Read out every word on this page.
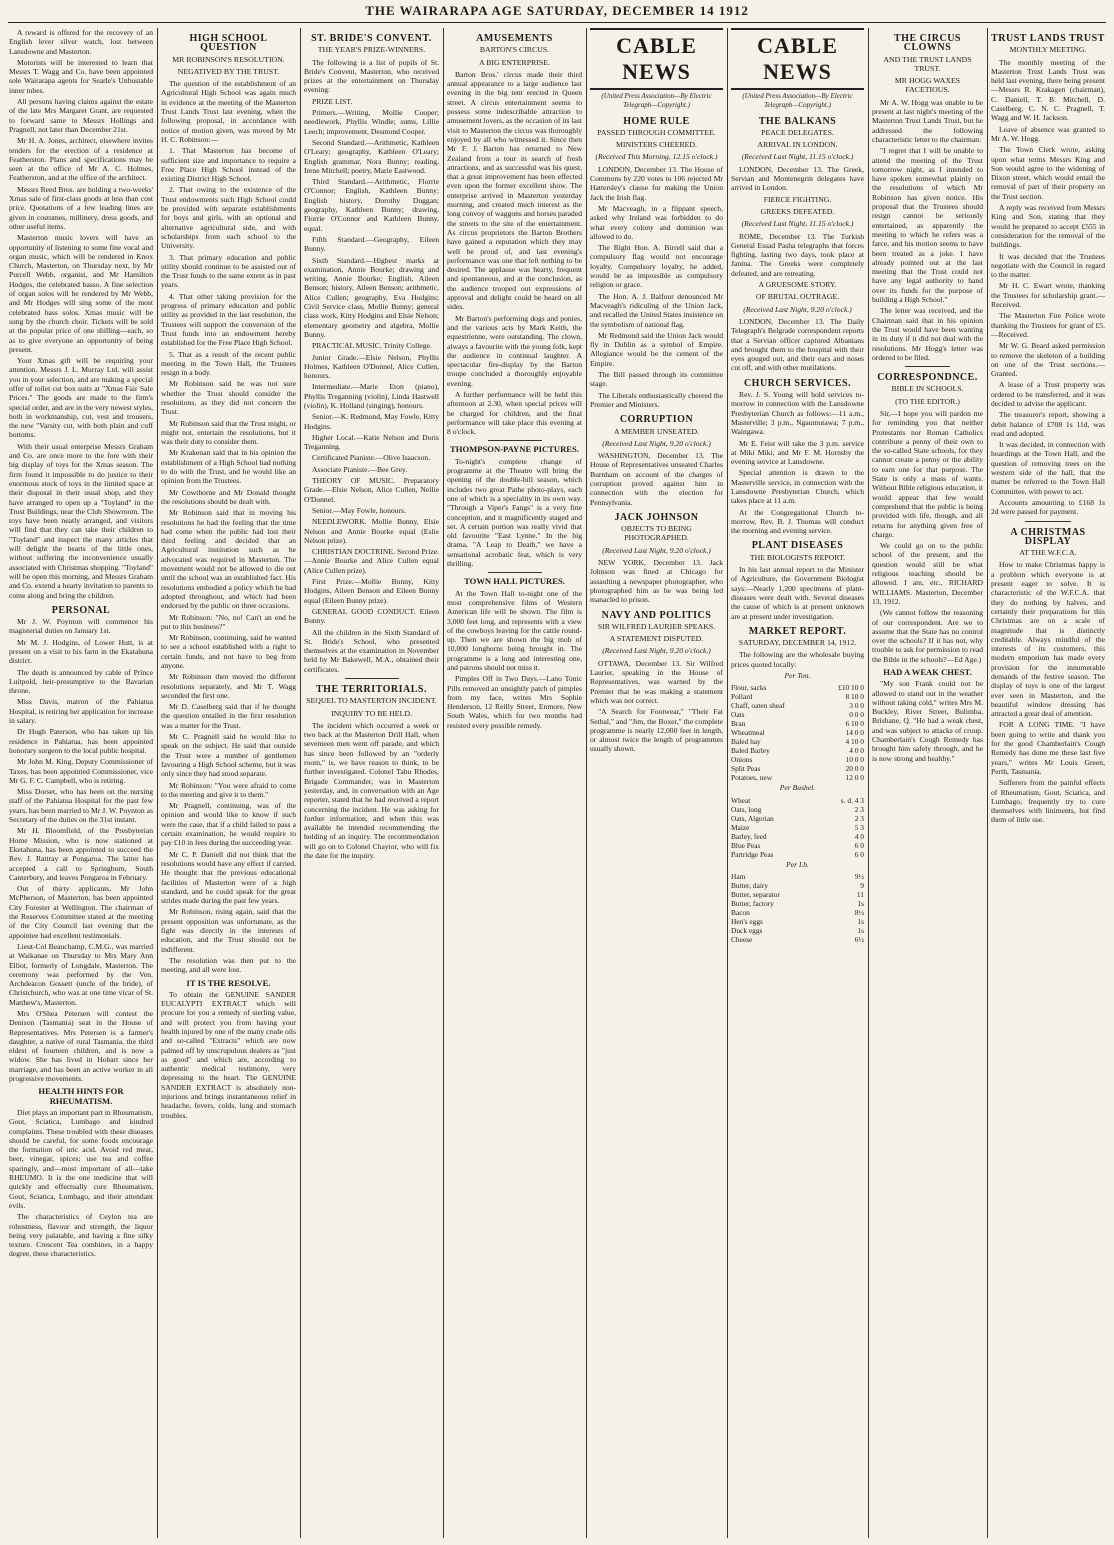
THE WAIRARAPA AGE SATURDAY, DECEMBER 14 1912

A reward is offered for the recovery of an English lever silver watch, lost between Lansdowne and Masterton.

Motorists will be interested to learn that Messrs T. Wagg and Co. have been appointed sole Wairarapa agents for Searle's Unbustable inner tubes.

All persons having claims against the estate of the late Mrs Margaret Grant, are requested to forward same to Messrs Hollings and Pragnell, not later than December 21st.

Mr H. A. Jones, architect, elsewhere invites tenders for the erection of a residence at Featherston. Plans and specifications may be seen at the office of Mr A. C. Holmes, Featherston, and at the office of the architect.

Messrs Reed Bros. are holding a two-weeks' Xmas sale of first-class goods at less than cost price. Quotations of a few leading lines are given in costumes, millinery, dress goods, and other useful items.

Masterton music lovers will have an opportunity of listening to some fine vocal and organ music, which will be rendered in Knox Church, Masterton, on Thursday next, by Mr Purcell Webb, organist, and Mr Hamilton Hodges, the celebrated basso. A fine selection of organ solos will be rendered by Mr Webb, and Mr Hodges will sing some of the most celebrated bass solos. Xmas music will be sung by the church choir. Tickets will be sold at the popular price of one shilling—each, so as to give everyone an opportunity of being present.

Your Xmas gift will be requiring your attention. Messrs J. L. Murray Ltd. will assist you in your selection, and are making a special offer of toilet cut box suits at "Xmas Fair Sale Prices." The goods are made to the firm's special order, and are in the very newest styles, both in workmanship, cut, vest and trousers, the new "Varsity cut, with both plain and cuff bottoms.

With their usual enterprise Messrs Graham and Co. are once more to the fore with their big display of toys for the Xmas season. The firm found it impossible to do justice to their enormous stock of toys in the limited space at their disposal in their usual shop, and they have arranged to open up a "Toyland" in the Trust Buildings, near the Club Showroom. The toys have been neatly arranged, and visitors will find that they can take their children to "Toyland" and inspect the many articles that will delight the hearts of the little ones, without suffering the inconvenience usually associated with Christmas shopping. "Toyland" will be open this morning, and Messrs Graham and Co. extend a hearty invitation to parents to come along and bring the children.

PERSONAL

Mr J. W. Poynton will commence his magisterial duties on January 1st.

Mr M. J. Hodgins, of Lower Hutt, is at present on a visit to his farm in the Ekatahuna district.

The death is announced by cable of Prince Luitpold, heir-presumptive to the Bavarian throne.

Miss Davis, matron of the Pahiatua Hospital, is retiring her application for increase in salary.

Dr Hugh Paterson, who has taken up his residence in Pahiatua, has been appointed honorary surgeon to the local public hospital.

Mr John M. King, Deputy Commissioner of Taxes, has been appointed Commissioner, vice Mr G. F. C. Campbell, who is retiring.

Miss Dorset, who has been on the nursing staff of the Pahiatua Hospital for the past few years, has been married to Mr J. W. Poynton as Secretary of the duties on the 31st instant.

Mr H. Bloomfield, of the Presbyterian Home Mission, who is now stationed at Eketahuna, has been appointed to succeed the Rev. J. Rattray at Pongaroa. The latter has accepted a call to Springburn, South Canterbury, and leaves Pongaroa in February.

Out of thirty applicants, Mr John McPherson, of Masterton, has been appointed City Forester at Wellington. The chairman of the Reserves Committee stated at the meeting of the City Council last evening that the appointee had excellent testimonials.

Lieut-Col Beauchamp, C.M.G., was married at Waikanae on Thursday to Mrs Mary Ann Elliot, formerly of Longdale, Masterton. The ceremony was performed by the Ven. Archdeacon Gossett (uncle of the bride), of Christchurch, who was at one time vicar of St. Matthew's, Masterton.

Mrs O'Shea Petersen will contest the Denison (Tasmania) seat in the House of Representatives. Mrs Petersen is a farmer's daughter, a native of rural Tasmania, the third eldest of fourteen children, and is now a widow. She has lived in Hobart since her marriage, and has been an active worker in all progressive movements.

HEALTH HINTS FOR RHEUMATISM.

Diet plays an important part in Rheumatism, Gout, Sciatica, Lumbago and kindred complaints. These troubled with these diseases should be careful, for some foods encourage the formation of uric acid. Avoid red meat, beer, vinegar, spices; use tea and coffee sparingly, and—most important of all—take RHEUMO. It is the one medicine that will quickly and effectually cure Rheumatism, Gout, Sciatica, Lumbago, and their attendant evils.

The characteristics of Ceylon tea are robustness, flavour and strength, the liquor being very palatable, and having a fine silky texture. Crescent Tea combines, in a happy degree, these characteristics.

HIGH SCHOOL QUESTION
MR ROBINSON'S RESOLUTION.
NEGATIVED BY THE TRUST.

The question of the establishment of an Agricultural High School was again much in evidence at the meeting of the Masterton Trust Lands Trust last evening, when the following proposal, in accordance with notice of motion given, was moved by Mr H. C. Robinson:—

1. That Masterton has become of sufficient size and importance to require a Free Place High School instead of the existing District High School.

2. That owing to the existence of the Trust endowments such High School could be provided with separate establishments for boys and girls, with an optional and alternative agricultural side, and with scholarships from each school to the University.

3. That primary education and public utility should continue to be assisted out of the Trust funds to the same extent as in past years.

4. That other taking provision for the progress of primary education and public utility as provided in the last resolution, the Trustees will support the conversion of the Trust funds into an endowment hereby established for the Free Place High School.

5. That as a result of the recent public meeting in the Town Hall, the Trustees resign in a body.

Mr Robinson said he was not sure whether the Trust should consider the resolutions, as they did not concern the Trust.

Mr Robinson said that the Trust might, or might not, entertain the resolutions, but it was their duty to consider them.

Mr Krakenan said that in his opinion the establishment of a High School had nothing to do with the Trust, and he would like an opinion from the Trustees.

Mr Cowthorne and Mr Donald thought the resolutions should be dealt with.

Mr Robinson said that in moving his resolutions he had the feeling that the time had come when the public had lost their third feeling and decided that an Agricultural institution such as he advocated was required in Masterton. The movement would not be allowed to die out until the school was an established fact. His resolutions embodied a policy which he had adopted throughout, and which had been endorsed by the public on three occasions.

Mr Robinson: "No, no! Can't an end be put to this business?"

Mr Robinson, continuing, said he wanted to see a school established with a right to certain funds, and not have to beg from anyone.

Mr Robinson then moved the different resolutions separately, and Mr T. Wagg seconded the first one.

Mr D. Caselberg said that if he thought the question entailed in the first resolution was a matter for the Trust.

Mr C. Pragnell said he would like to speak on the subject. He said that outside the Trust were a number of gentlemen favouring a High School scheme, but it was only since they had stood separate.

Mr Robinson: "You were afraid to come to the meeting and give it to them."

Mr Pragnell, continuing, was of the opinion and would like to know if such were the case, that if a child failed to pass a certain examination, he would require to pay £10 in fees during the succeeding year.

Mr C. P. Daniell did not think that the resolutions would have any effect if carried. He thought that the previous educational facilities of Masterton were of a high standard, and he could speak for the great strides made during the past few years.

Mr Robinson, rising again, said that the present opposition was unfortunate, as the fight was directly in the interests of education, and the Trust should not be indifferent.

The resolution was then put to the meeting, and all were lost.

IT IS THE RESOLVE.

To obtain the GENUINE SANDER EUCALYPTI EXTRACT which will procure for you a remedy of sterling value, and will protect you from having your health injured by one of the many crude oils and so-called "Extracts" which are now palmed off by unscrupulous dealers as "just as good" and which are, according to authentic medical testimony, very depressing to the heart. The GENUINE SANDER EXTRACT is absolutely non-injurious and brings instantaneous relief in headache, fevers, colds, lung and stomach troubles.

ST. BRIDE'S CONVENT.
THE YEAR'S PRIZE-WINNERS.

The following is a list of pupils of St. Bride's Convent, Masterton, who received prizes at the entertainment on Thursday evening:

PRIZE LIST.

Primers.—Writing, Mollie Cooper; needlework, Phyllis Windle; sums, Lillie Leech; improvement, Desmond Cooper.

Second Standard.—Arithmetic, Kathleen O'Leary; geography, Kathleen O'Leary; English grammar, Nora Bunny; reading, Irene Mitchell; poetry, Marie Eastwood.

Third Standard.—Arithmetic, Florrie O'Connor; English, Kathleen Bunny; English history, Dorothy Duggan; geography, Kathleen Bunny; drawing, Florrie O'Connor and Kathleen Bunny, equal.

Fifth Standard.—Geography, Eileen Bunny.

Sixth Standard.—Highest marks at examination, Annie Bourke; drawing and writing, Annie Bourke; English, Aileen Benson; history, Aileen Benson; arithmetic, Alice Cullen; geography, Eva Hodgins; Civil Service class, Mollie Bunny; general class work, Kitty Hodgins and Elsie Nelson; elementary geometry and algebra, Mollie Bunny.

PRACTICAL MUSIC. Trinity College.

Junior Grade.—Elsie Nelson, Phyllis Holmes, Kathleen O'Donnel, Alice Cullen, honours.

Intermediate.—Marie Eton (piano), Phyllis Treganning (violin), Linda Hastwell (violin), K. Holland (singing), honours.

Senior.—K. Redmond, May Fowle, Kitty Hodgins.

Higher Local.—Katie Nelson and Doris Treganning.

Certificated Pianiste.—Olive Isaacson.

Associate Pianiste.—Bee Grey.

THEORY OF MUSIC. Preparatory Grade.—Elsie Nelson, Alice Cullen, Nellie O'Donnel.

Senior.—May Fowle, honours.

NEEDLEWORK. Mollie Bunny, Elsie Nelson and Annie Bourke equal (Eslie Nelson prize).

CHRISTIAN DOCTRINE. Second Prize.—Annie Bourke and Alice Cullen equal (Alice Cullen prize).

First Prize.—Mollie Bunny, Kitty Hodgins, Aileen Benson and Eileen Bunny equal (Eileen Bunny prize).

GENERAL GOOD CONDUCT. Eileen Bunny.

All the children in the Sixth Standard of St. Bride's School, who presented themselves at the examination in November held by Mr Bakewell, M.A., obtained their certificates.

THE TERRITORIALS.
SEQUEL TO MASTERTON INCIDENT.
INQUIRY TO BE HELD.

The incident which occurred a week or two back at the Masterton Drill Hall, when seventeen men went off parade, and which has since been followed by an "orderly room," is, we have reason to think, to be further investigated. Colonel Tahu Rhodes, Brigade Commander, was in Masterton yesterday, and, in conversation with an Age reporter, stated that he had received a report concerning the incident. He was asking for further information, and when this was available he intended recommending the holding of an inquiry. The recommendation will go on to Colonel Chaytor, who will fix the date for the inquiry.

AMUSEMENTS
BARTON'S CIRCUS.
A BIG ENTERPRISE.

Barton Bros.' circus made their third annual appearance to a large audience last evening in the big tent erected in Queen street. A circus entertainment seems to possess some indescribable attraction to amusement lovers, as the occasion of its last visit to Masterton the circus was thoroughly enjoyed by all who witnessed it. Since then Mr F. J. Barton has returned to New Zealand from a tour in search of fresh attractions, and as successful was his quest, that a great improvement has been effected even upon the former excellent show. The enterprise arrived in Masterton yesterday morning, and created much interest as the long convoy of waggons and horses paraded the streets to the site of the entertainment. As circus proprietors the Barton Brothers have gained a reputation which they may well be proud of, and last evening's performance was one that left nothing to be desired. The applause was hearty, frequent and spontaneous, and at the conclusion, as the audience trooped out expressions of approval and delight could be heard on all sides.

Mr Barton's performing dogs and ponies, and the various acts by Mark Keith, the equestrienne, were outstanding. The clown, always a favourite with the young folk, kept the audience in continual laughter. A spectacular fire-display by the Barton troupe concluded a thoroughly enjoyable evening.

A further performance will be held this afternoon at 2.30, when special prices will be charged for children, and the final performance will take place this evening at 8 o'clock.

THOMPSON-PAYNE PICTURES.

To-night's complete change of programme at the Theatre will bring the opening of the double-bill season, which includes two great Pathe photo-plays, each one of which is a speciality in its own way. "Through a Viper's Fangs" is a very fine conception, and it magnificently staged and set. A certain portion was really vivid that old favourite "East Lynne." In the big drama, "A Leap to Death," we have a sensational acrobatic feat, which is very thrilling.

TOWN HALL PICTURES.

At the Town Hall to-night one of the most comprehensive films of Western American life will be shown. The film is 3,000 feet long, and represents with a view of the cowboys leaving for the cattle round-up. Then we are shown the big mob of 10,000 longhorns being brought in. The programme is a long and interesting one, and patrons should not miss it.

Pimples Off in Two Days.—Lano Tonic Pills removed an unsightly patch of pimples from my face, writes Mrs Sophie Henderson, 12 Reilly Street, Enmore, New South Wales, which for two months had resisted every possible remedy.

CABLE NEWS
(United Press Association—By Electric Telegraph—Copyright.)
HOME RULE
PASSED THROUGH COMMITTEE.
MINISTERS CHEERED.
(Received This Morning, 12.15 o'clock.)

LONDON, December 13. The House of Commons by 220 votes to 106 rejected Mr Hattersley's clause for making the Union Jack the Irish flag.

Mr Macveagh, in a flippant speech, asked why Ireland was forbidden to do what every colony and dominion was allowed to do.

The Right Hon. A. Birrell said that a compulsory flag would not encourage loyalty. Compulsory loyalty, he added, would be as impossible as compulsory religion or grace.

The Hon. A. J. Balfour denounced Mr Macveagh's ridiculing of the Union Jack, and recalled the United States insistence on the symbolism of national flag.

Mr Redmond said the Union Jack would fly in Dublin as a symbol of Empire. Allegiance would be the cement of the Empire.

The Bill passed through its committee stage.

The Liberals enthusiastically cheered the Premier and Ministers.

CORRUPTION
A MEMBER UNSEATED.
(Received Last Night, 9.20 o'clock.)

WASHINGTON, December 13. The House of Representatives unseated Charles Burnham on account of the charges of corruption proved against him in connection with the election for Pennsylvania.

JACK JOHNSON
OBJECTS TO BEING PHOTOGRAPHED.
(Received Last Night, 9.20 o'clock.)

NEW YORK, December 13. Jack Johnson was fined at Chicago for assaulting a newspaper photographer, who photographed him as he was being led manacled to prison.

NAVY AND POLITICS
SIR WILFRED LAURIER SPEAKS.
A STATEMENT DISPUTED.
(Received Last Night, 9.20 o'clock.)

OTTAWA, December 13. Sir Wilfred Laurier, speaking in the House of Representatives, was warned by the Premier that he was making a statement which was not correct.

"A Search for Footwear," "Their Fat Setbal," and "Jim, the Boxer," the complete programme is nearly 12,000 feet in length, or almost twice the length of programmes usually shown.

CABLE NEWS
(United Press Association—By Electric Telegraph—Copyright.)
THE BALKANS
PEACE DELEGATES.
ARRIVAL IN LONDON.
(Received Last Night, 11.15 o'clock.)

LONDON, December 13. The Greek, Servian and Montenegrin delegates have arrived in London.

FIERCE FIGHTING.
GREEKS DEFEATED.
(Received Last Night, 11.15 o'clock.)

ROME, December 13. The Turkish General Essad Pasha telegraphs that forces fighting, lasting two days, took place at Janina. The Greeks were completely defeated, and are retreating.

A GRUESOME STORY.
OF BRUTAL OUTRAGE.
(Received Last Night, 9.20 o'clock.)

LONDON, December 13. The Daily Telegraph's Belgrade correspondent reports that a Servian officer captured Albanians and brought them to the hospital with their eyes gouged out, and their ears and noses cut off, and with other mutilations.

CHURCH SERVICES.

Rev. J. S. Young will hold services to-morrow in connection with the Lansdowne Presbyterian Church as follows:—11 a.m., Masterville; 3 p.m., Ngaumutawa; 7 p.m., Waingawa.

Mr E. Feist will take the 3 p.m. service at Miki Miki, and Mr F. M. Hornsby the evening service at Lansdowne.

Special attention is drawn to the Masterville service, in connection with the Lansdowne Presbyterian Church, which takes place at 11 a.m.

At the Congregational Church to-morrow, Rev. B. J. Thomas will conduct the morning and evening service.

PLANT DISEASES
THE BIOLOGISTS REPORT.

In his last annual report to the Minister of Agriculture, the Government Biologist says:—Nearly 1,200 specimens of plant-diseases were dealt with. Several diseases the cause of which is at present unknown are at present under investigation.

MARKET REPORT.
SATURDAY, DECEMBER 14, 1912.

The following are the wholesale buying prices quoted locally:

Per Ton.
Flour, sacks	£10 10 0
Pollard	8 10 0
Chaff, oaten sheaf	3 0 0
Oats	0 0 0
Bran	6 10 0
Wheatmeal	14 0 0
Baled hay	4 10 0
Baled Barley	4 0 0
Onions	10 0 0
Split Peas	20 0 0
Potatoes, new	12 0 0
Per Bushel.
Wheat	s. d. 4 3
Oats, long	2 3
Oats, Algerian	2 3
Maize	5 3
Barley, feed	4 0
Blue Peas	6 0
Partridge Peas	6 0
Per Lb.
Ham	9½
Butter, dairy	9
Butter, separator	11
Butter, factory	1s
Bacon	8½
Hen's eggs	1s
Duck eggs	1s
Cheese	6½
THE CIRCUS CLOWNS
AND THE TRUST LANDS TRUST.
MR HOGG WAXES FACETIOUS.

Mr A. W. Hogg was unable to be present at last night's meeting of the Masterton Trust Lands Trust, but he addressed the following characteristic letter to the chairman:

"I regret that I will be unable to attend the meeting of the Trust tomorrow night, as I intended to have spoken somewhat plainly on the resolutions of which Mr Robinson has given notice. His proposal that the Trustees should resign cannot be seriously entertained, as apparently the meeting to which he refers was a farce, and his motion seems to have been treated as a joke. I have already pointed out at the last meeting that the Trust could not have any legal authority to hand over its funds for the purpose of building a High School."

The letter was received, and the Chairman said that in his opinion the Trust would have been wanting in its duty if it did not deal with the resolutions. Mr Hogg's letter was ordered to be filed.

CORRESPONDNCE.
BIBLE IN SCHOOLS.
(TO THE EDITOR.)

Sir,—I hope you will pardon me for reminding you that neither Protestants nor Roman Catholics contribute a penny of their own to the so-called State schools, for they cannot create a penny or the ability to earn one for that purpose. The State is only a mass of wants. Without Bible religious education, it would appear that few would comprehend that the public is being provided with life, though, and all returns for anything given free of charge.

We could go on to the public school of the present, and the question would still be what religious teaching should be allowed. I am, etc., RICHARD WILLIAMS. Masterton, December 13, 1912.

(We cannot follow the reasoning of our correspondent. Are we to assume that the State has no control over the schools? If it has not, why trouble to ask for permission to read the Bible in the schools?—Ed Age.)

HAD A WEAK CHEST.

"My son Frank could not be allowed to stand out in the weather without taking cold," writes Mrs M. Buckley, River Street, Bulimba, Brisbane, Q. "He had a weak chest, and was subject to attacks of croup. Chamberlain's Cough Remedy has brought him safely through, and he is now strong and healthy."

TRUST LANDS TRUST
MONTHLY MEETING.

The monthly meeting of the Masterton Trust Lands Trust was held last evening, there being present—Messrs R. Krakagen (chairman), C. Daniell, T. B. Mitchell, D. Caselberg, C. N. C. Pragnell, T. Wagg and W. H. Jackson.

Leave of absence was granted to Mr A. W. Hogg.

The Town Clerk wrote, asking upon what terms Messrs King and Son would agree to the widening of Dixon street, which would entail the removal of part of their property on the Trust section.

A reply was received from Messrs King and Son, stating that they would be prepared to accept £555 in consideration for the removal of the buildings.

It was decided that the Trustees negotiate with the Council in regard to the matter.

Mr H. C. Ewart wrote, thanking the Trustees for scholarship grant.—Received.

The Masterton Fire Police wrote thanking the Trustees for grant of £5.—Received.

Mr W. G. Beard asked permission to remove the skeleton of a building on one of the Trust sections.—Granted.

A lease of a Trust property was ordered to be transferred, and it was decided to advise the applicant.

The treasurer's report, showing a debit balance of £708 1s 11d, was read and adopted.

It was decided, in connection with hoardings at the Town Hall, and the question of removing trees on the western side of the hall, that the matter be referred to the Town Hall Committee, with power to act.

Accounts amounting to £168 1s 2d were passed for payment.

A CHRISTMAS DISPLAY
AT THE W.F.C.A.

How to make Christmas happy is a problem which everyone is at present eager to solve. It is characteristic of the W.F.C.A. that they do nothing by halves, and certainly their preparations for this Christmas are on a scale of magnitude that is distinctly creditable. Always mindful of the interests of its customers, this modern emporium has made every provision for the innumerable demands of the festive season. The display of toys is one of the largest ever seen in Masterton, and the beautiful window dressing has attracted a great deal of attention.

FOR A LONG TIME. "I have been going to write and thank you for the good Chamberlain's Cough Remedy has done me these last five years," writes Mr Louis Green, Perth, Tasmania.

Sufferers from the painful effects of Rheumatism, Gout, Sciatica, and Lumbago, frequently try to cure themselves with liniments, but find them of little use.
